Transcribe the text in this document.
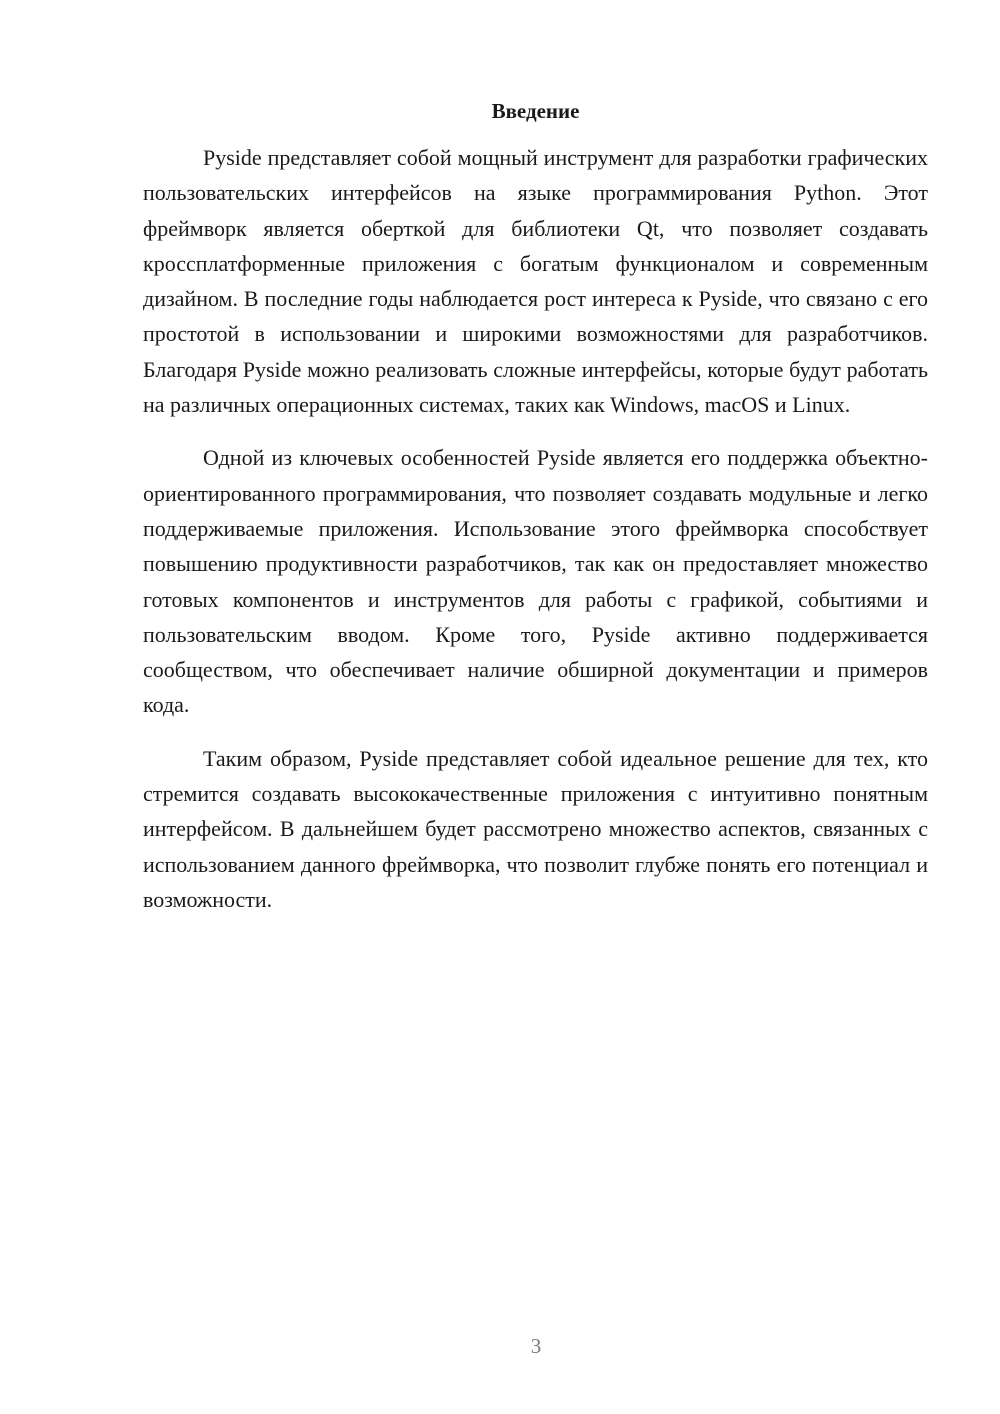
Введение

Pyside представляет собой мощный инструмент для разработки графических пользовательских интерфейсов на языке программирования Python. Этот фреймворк является оберткой для библиотеки Qt, что позволяет создавать кроссплатформенные приложения с богатым функционалом и современным дизайном. В последние годы наблюдается рост интереса к Pyside, что связано с его простотой в использовании и широкими возможностями для разработчиков. Благодаря Pyside можно реализовать сложные интерфейсы, которые будут работать на различных операционных системах, таких как Windows, macOS и Linux.

Одной из ключевых особенностей Pyside является его поддержка объектно-ориентированного программирования, что позволяет создавать модульные и легко поддерживаемые приложения. Использование этого фреймворка способствует повышению продуктивности разработчиков, так как он предоставляет множество готовых компонентов и инструментов для работы с графикой, событиями и пользовательским вводом. Кроме того, Pyside активно поддерживается сообществом, что обеспечивает наличие обширной документации и примеров кода.

Таким образом, Pyside представляет собой идеальное решение для тех, кто стремится создавать высококачественные приложения с интуитивно понятным интерфейсом. В дальнейшем будет рассмотрено множество аспектов, связанных с использованием данного фреймворка, что позволит глубже понять его потенциал и возможности.

3
